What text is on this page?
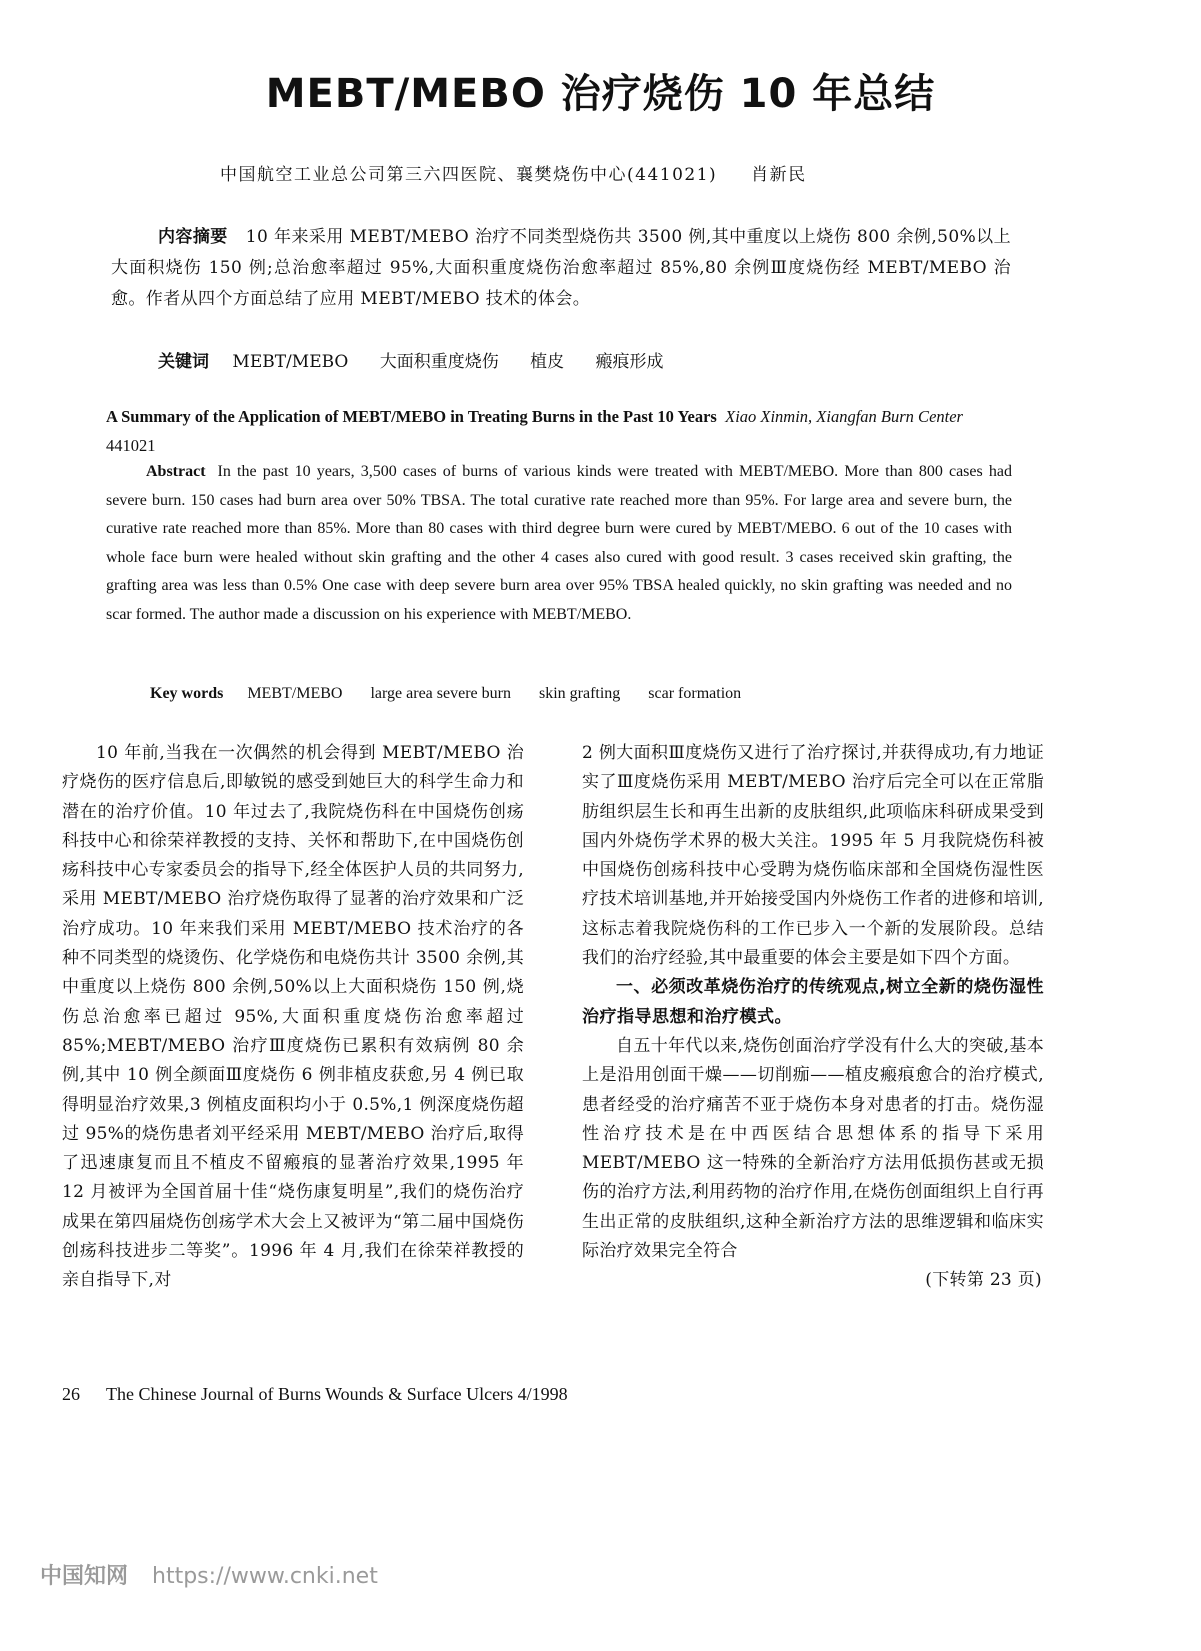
MEBT/MEBO 治疗烧伤 10 年总结
中国航空工业总公司第三六四医院、襄樊烧伤中心(441021) 肖新民
内容摘要 10 年来采用 MEBT/MEBO 治疗不同类型烧伤共 3500 例,其中重度以上烧伤 800 余例,50%以上大面积烧伤 150 例;总治愈率超过 95%,大面积重度烧伤治愈率超过 85%,80 余例Ⅲ度烧伤经 MEBT/MEBO 治愈。作者从四个方面总结了应用 MEBT/MEBO 技术的体会。
关键词 MEBT/MEBO 大面积重度烧伤 植皮 瘢痕形成
A Summary of the Application of MEBT/MEBO in Treating Burns in the Past 10 Years Xiao Xinmin, Xiangfan Burn Center 441021
Abstract In the past 10 years, 3,500 cases of burns of various kinds were treated with MEBT/MEBO. More than 800 cases had severe burn. 150 cases had burn area over 50% TBSA. The total curative rate reached more than 95%. For large area and severe burn, the curative rate reached more than 85%. More than 80 cases with third degree burn were cured by MEBT/MEBO. 6 out of the 10 cases with whole face burn were healed without skin grafting and the other 4 cases also cured with good result. 3 cases received skin grafting, the grafting area was less than 0.5% One case with deep severe burn area over 95% TBSA healed quickly, no skin grafting was needed and no scar formed. The author made a discussion on his experience with MEBT/MEBO.
Key words MEBT/MEBO large area severe burn skin grafting scar formation

10 年前,当我在一次偶然的机会得到 MEBT/MEBO 治疗烧伤的医疗信息后,即敏锐的感受到她巨大的科学生命力和潜在的治疗价值。10 年过去了,我院烧伤科在中国烧伤创疡科技中心和徐荣祥教授的支持、关怀和帮助下,在中国烧伤创疡科技中心专家委员会的指导下,经全体医护人员的共同努力,采用 MEBT/MEBO 治疗烧伤取得了显著的治疗效果和广泛治疗成功。10 年来我们采用 MEBT/MEBO 技术治疗的各种不同类型的烧烫伤、化学烧伤和电烧伤共计 3500 余例,其中重度以上烧伤 800 余例,50%以上大面积烧伤 150 例,烧伤总治愈率已超过 95%,大面积重度烧伤治愈率超过 85%;MEBT/MEBO 治疗Ⅲ度烧伤已累积有效病例 80 余例,其中 10 例全颜面Ⅲ度烧伤 6 例非植皮获愈,另 4 例已取得明显治疗效果,3 例植皮面积均小于 0.5%,1 例深度烧伤超过 95%的烧伤患者刘平经采用 MEBT/MEBO 治疗后,取得了迅速康复而且不植皮不留瘢痕的显著治疗效果,1995 年 12 月被评为全国首届十佳“烧伤康复明星”,我们的烧伤治疗成果在第四届烧伤创疡学术大会上又被评为“第二届中国烧伤创疡科技进步二等奖”。1996 年 4 月,我们在徐荣祥教授的亲自指导下,对

2 例大面积Ⅲ度烧伤又进行了治疗探讨,并获得成功,有力地证实了Ⅲ度烧伤采用 MEBT/MEBO 治疗后完全可以在正常脂肪组织层生长和再生出新的皮肤组织,此项临床科研成果受到国内外烧伤学术界的极大关注。1995 年 5 月我院烧伤科被中国烧伤创疡科技中心受聘为烧伤临床部和全国烧伤湿性医疗技术培训基地,并开始接受国内外烧伤工作者的进修和培训,这标志着我院烧伤科的工作已步入一个新的发展阶段。总结我们的治疗经验,其中最重要的体会主要是如下四个方面。

一、必须改革烧伤治疗的传统观点,树立全新的烧伤湿性治疗指导思想和治疗模式。

自五十年代以来,烧伤创面治疗学没有什么大的突破,基本上是沿用创面干燥——切削痂——植皮瘢痕愈合的治疗模式,患者经受的治疗痛苦不亚于烧伤本身对患者的打击。烧伤湿性治疗技术是在中西医结合思想体系的指导下采用 MEBT/MEBO 这一特殊的全新治疗方法用低损伤甚或无损伤的治疗方法,利用药物的治疗作用,在烧伤创面组织上自行再生出正常的皮肤组织,这种全新治疗方法的思维逻辑和临床实际治疗效果完全符合

(下转第 23 页)

26 The Chinese Journal of Burns Wounds & Surface Ulcers 4/1998
中国知网 https://www.cnki.net
